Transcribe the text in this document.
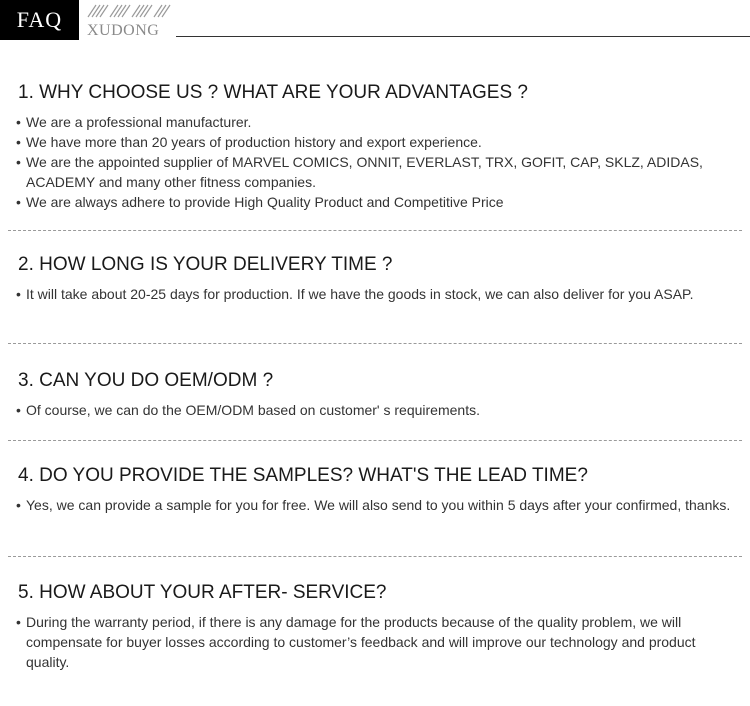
FAQ	XUDONG
1. WHY CHOOSE US ? WHAT ARE YOUR ADVANTAGES ?
• We are a professional manufacturer.
• We have more than 20 years of production history and export experience.
• We are the appointed supplier of MARVEL COMICS, ONNIT, EVERLAST, TRX, GOFIT, CAP, SKLZ, ADIDAS, ACADEMY and many other fitness companies.
• We are always adhere to provide High Quality Product and Competitive Price
2. HOW LONG IS YOUR DELIVERY TIME ?
• It will take about 20-25 days for production. If we have the goods in stock, we can also deliver for you ASAP.
3. CAN YOU DO OEM/ODM ?
• Of course, we can do the OEM/ODM based on customer' s requirements.
4. DO YOU PROVIDE THE SAMPLES? WHAT'S THE LEAD TIME?
• Yes, we can provide a sample for you for free. We will also send to you within 5 days after your confirmed, thanks.
5. HOW ABOUT YOUR AFTER- SERVICE?
• During the warranty period, if there is any damage for the products because of the quality problem, we will compensate for buyer losses according to customer’s feedback and will improve our technology and product quality.
